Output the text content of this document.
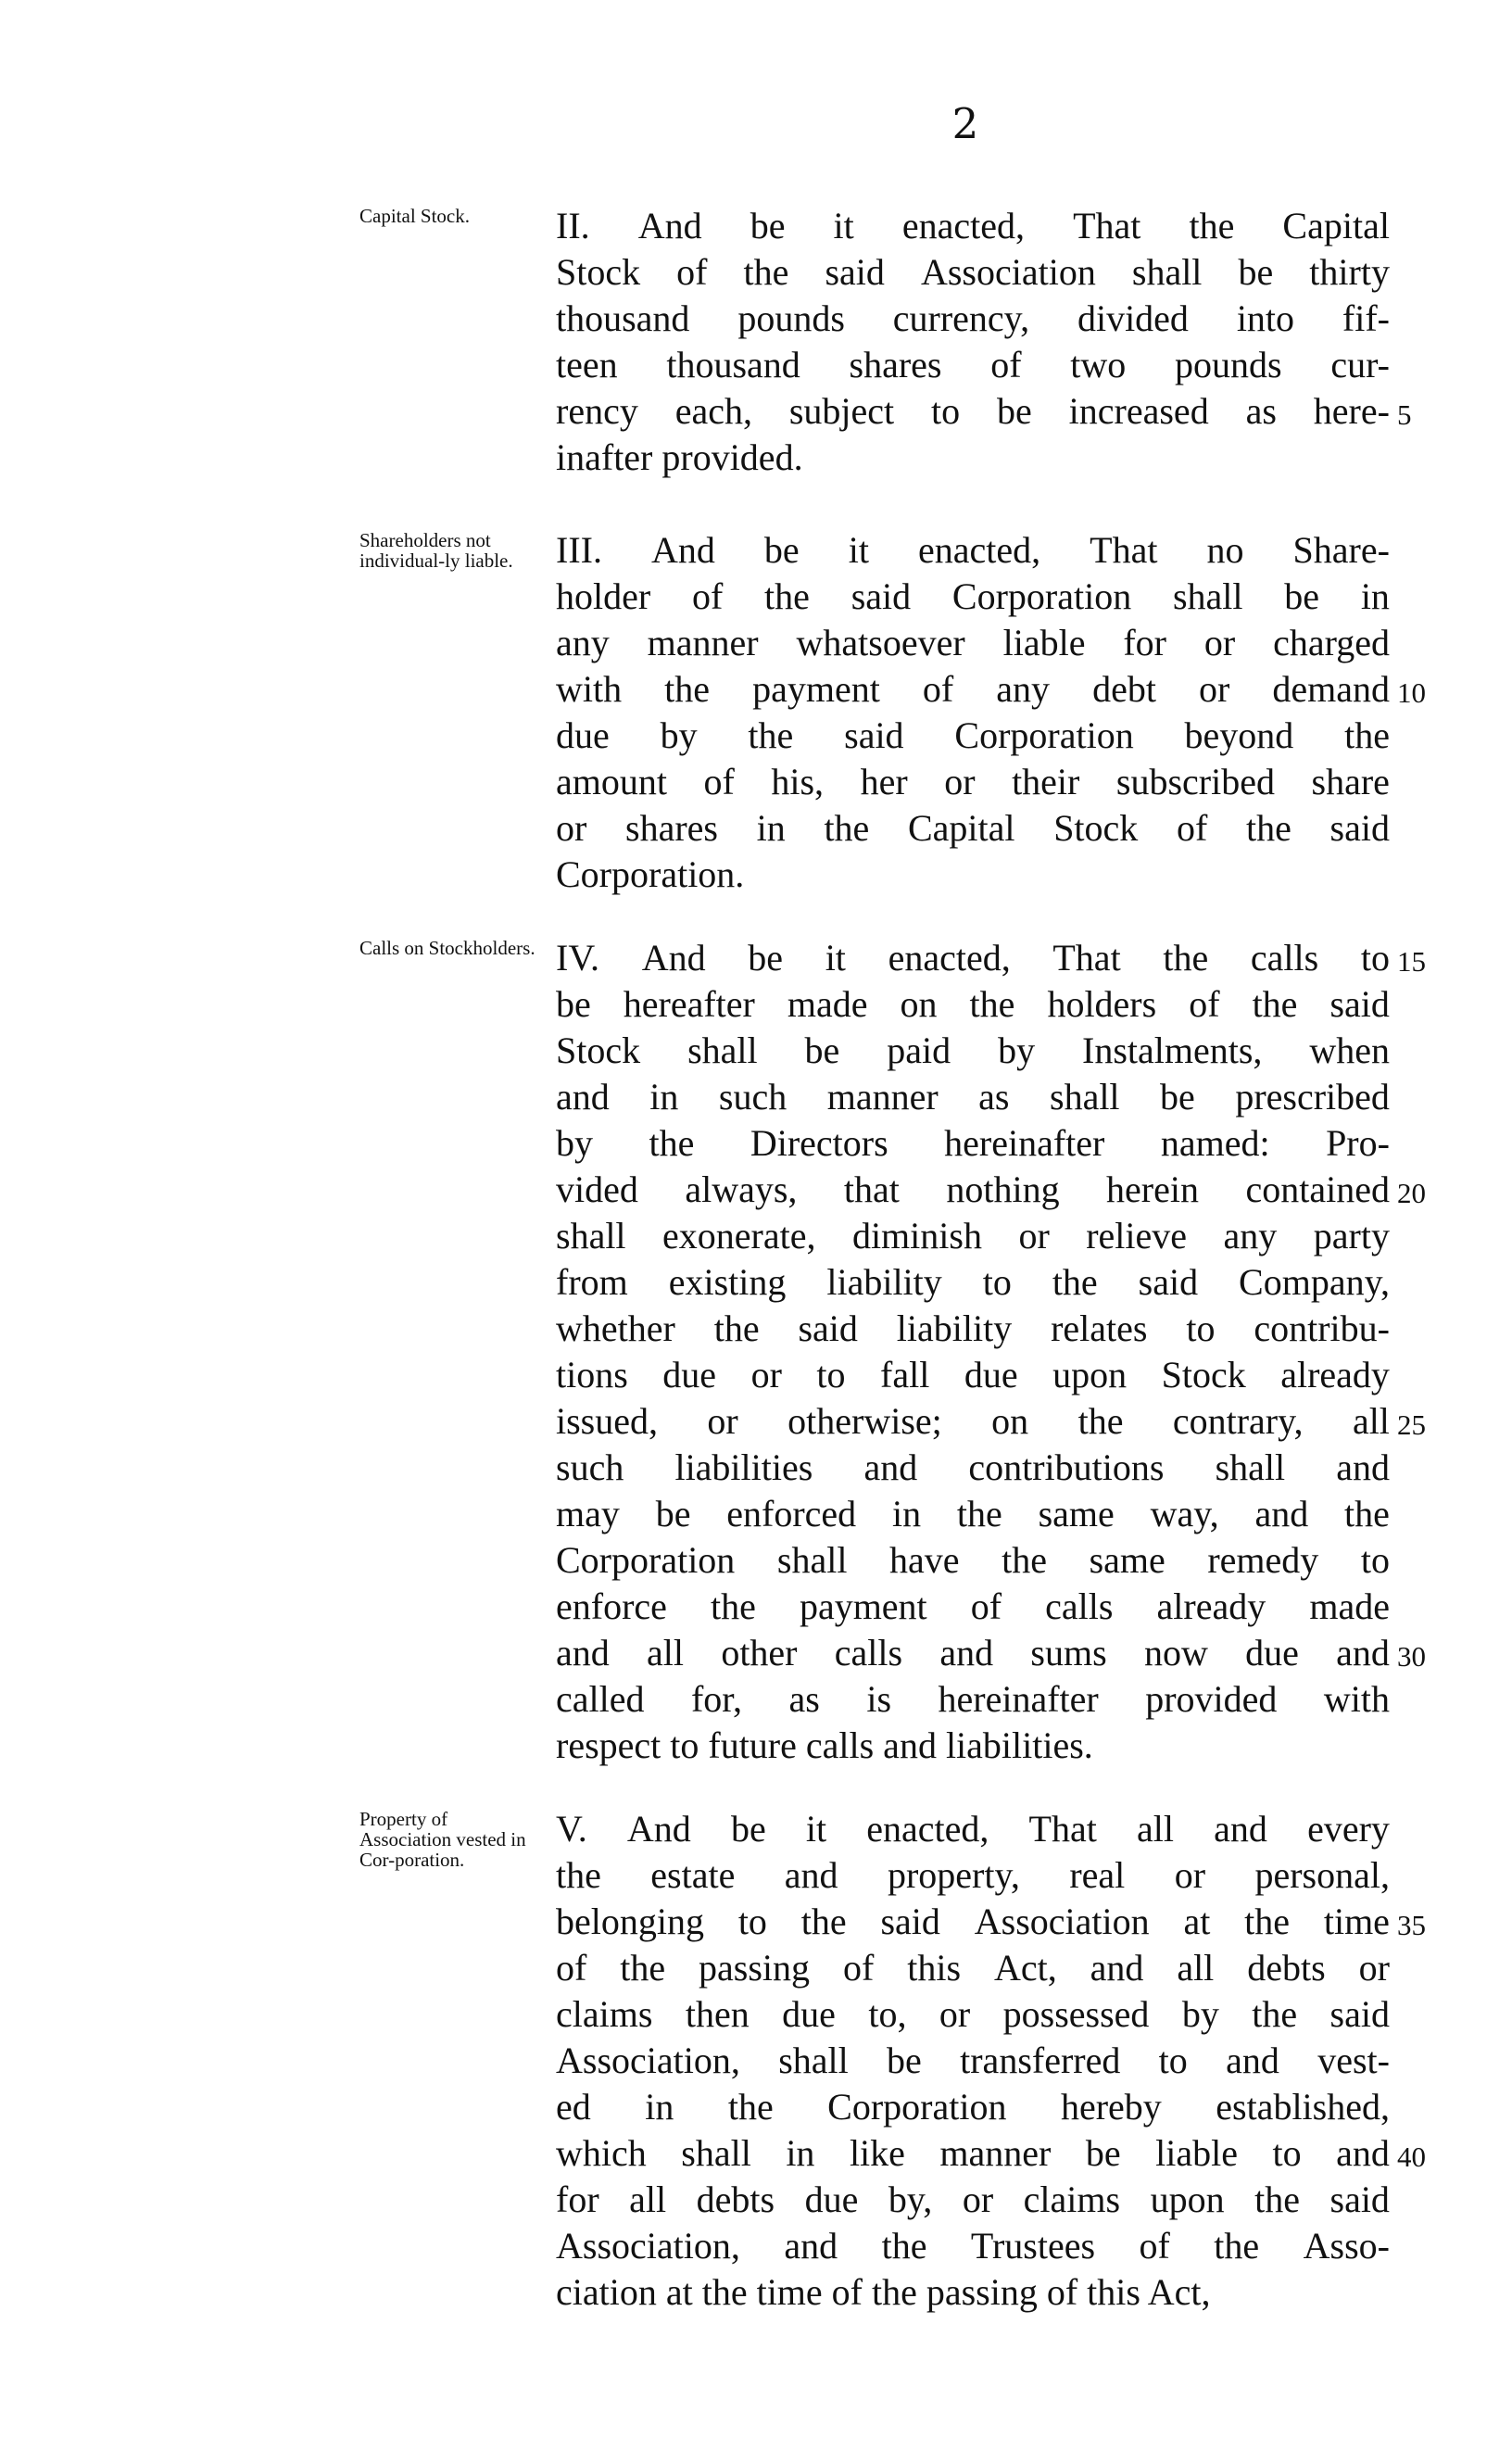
2
Capital Stock.	II. And be it enacted, That the Capital
Stock of the said Association shall be thirty
thousand pounds currency, divided into fif-
teen thousand shares of two pounds cur-
rency each, subject to be increased as here-
inafter provided.
5
Shareholders not individual-ly liable.	III. And be it enacted, That no Share-
holder of the said Corporation shall be in
any manner whatsoever liable for or charged
with the payment of any debt or demand
due by the said Corporation beyond the
amount of his, her or their subscribed share
or shares in the Capital Stock of the said
Corporation.
10
Calls on Stockholders. IV. And be it enacted, That the calls to
be hereafter made on the holders of the said
Stock shall be paid by Instalments, when
and in such manner as shall be prescribed
by the Directors hereinafter named: Pro-
vided always, that nothing herein contained
shall exonerate, diminish or relieve any party
from existing liability to the said Company,
whether the said liability relates to contribu-
tions due or to fall due upon Stock already
issued, or otherwise; on the contrary, all
such liabilities and contributions shall and
may be enforced in the same way, and the
Corporation shall have the same remedy to
enforce the payment of calls already made
and all other calls and sums now due and
called for, as is hereinafter provided with
respect to future calls and liabilities.
15
20
25
30
Property of Association vested in Cor-poration.
V. And be it enacted, That all and every
the estate and property, real or personal,
belonging to the said Association at the time
of the passing of this Act, and all debts or
claims then due to, or possessed by the said
Association, shall be transferred to and vest-
ed in the Corporation hereby established,
which shall in like manner be liable to and
for all debts due by, or claims upon the said
Association, and the Trustees of the Asso-
ciation at the time of the passing of this Act,
35
40
